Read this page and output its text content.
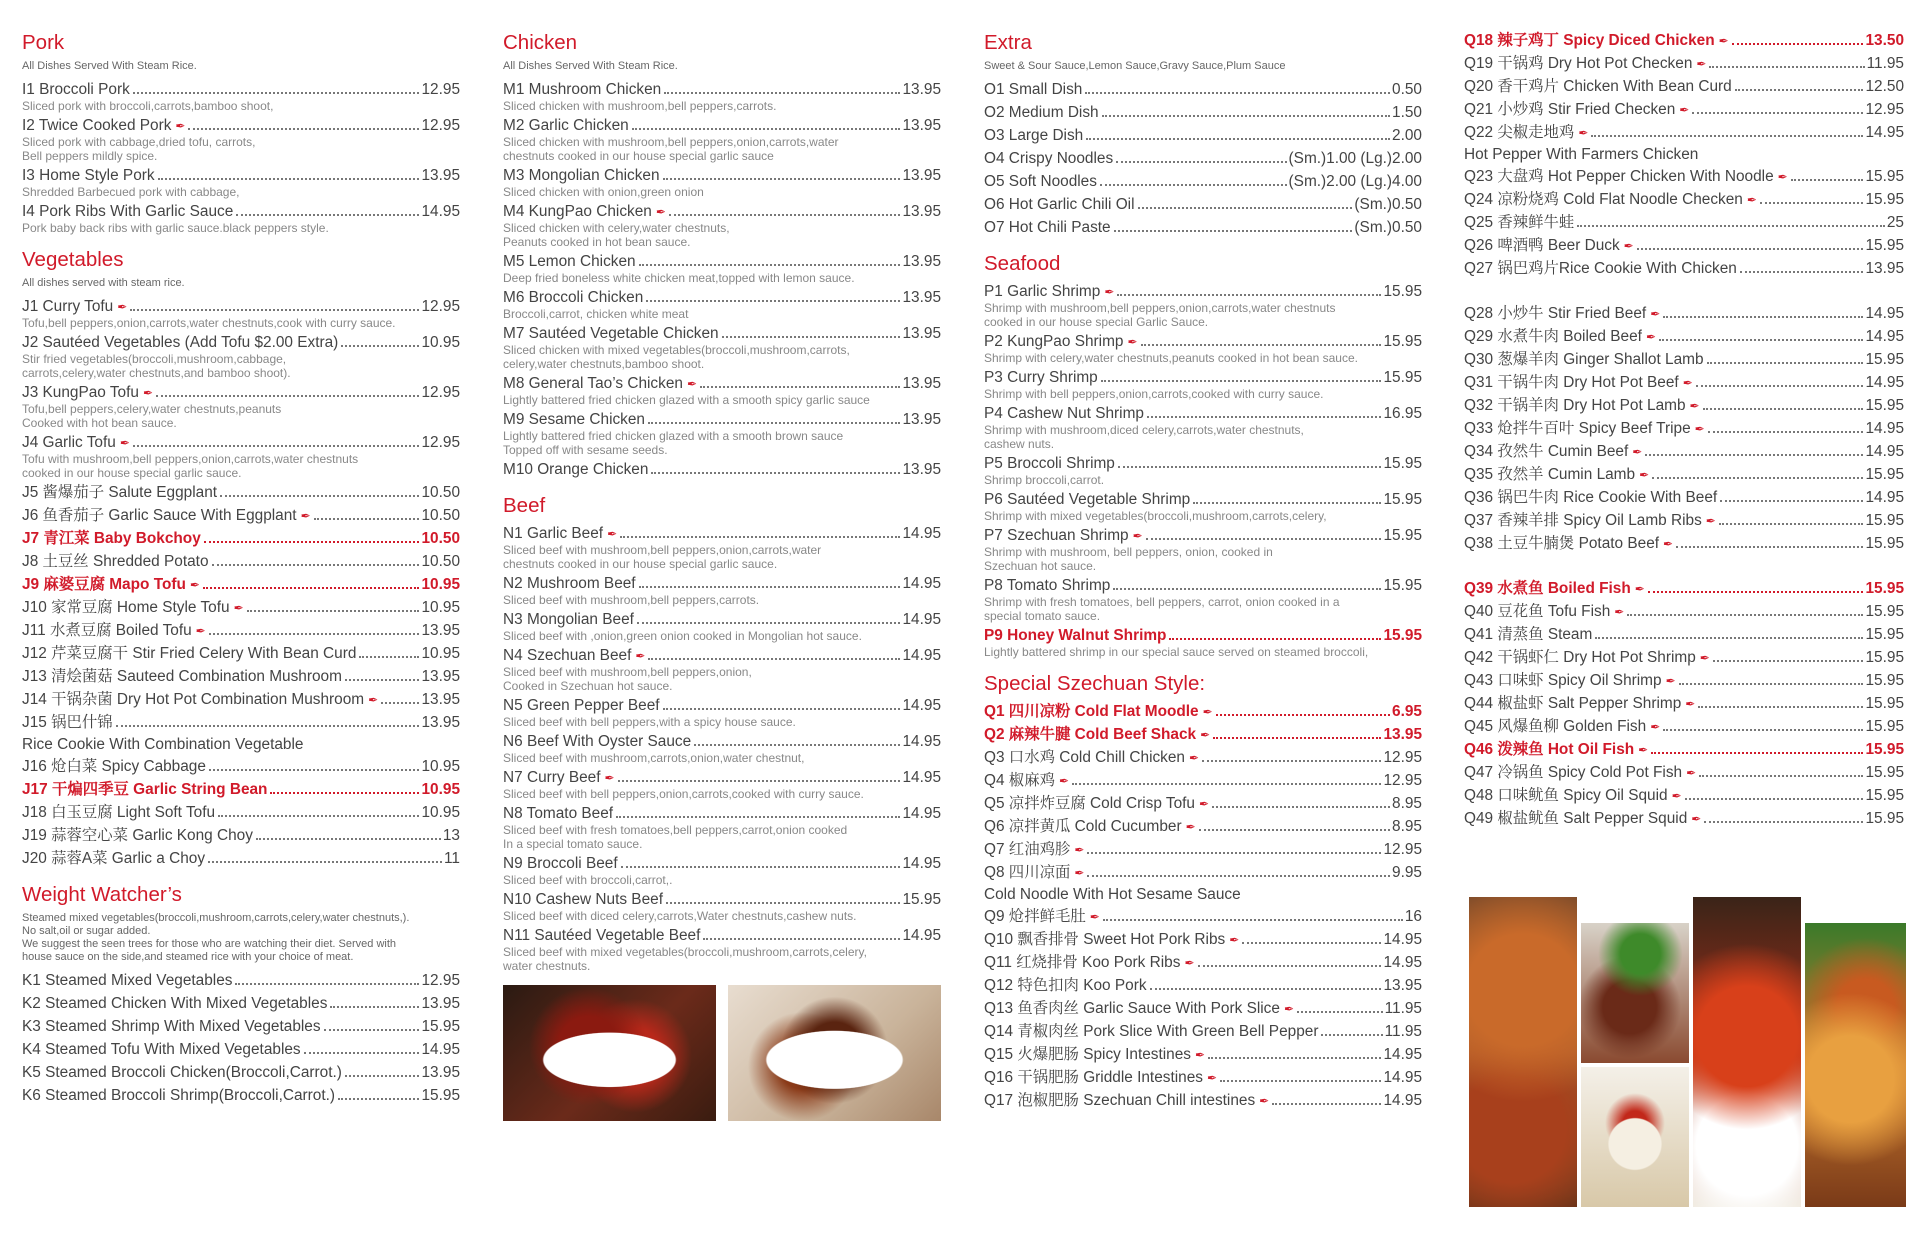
Pork
All Dishes Served With Steam Rice.
I1 Broccoli Pork	12.95
Sliced pork with broccoli,carrots,bamboo shoot,
I2 Twice Cooked Pork ✒	12.95
Sliced pork with cabbage,dried tofu, carrots,
Bell peppers mildly spice.
I3 Home Style Pork	13.95
Shredded Barbecued pork with cabbage,
I4 Pork Ribs With Garlic Sauce	14.95
Pork baby back ribs with garlic sauce.black peppers style.
Vegetables
All dishes served with steam rice.
J1 Curry Tofu ✒	12.95
Tofu,bell peppers,onion,carrots,water chestnuts,cook with curry sauce.
J2 Sautéed Vegetables (Add Tofu $2.00 Extra)	10.95
Stir fried vegetables(broccoli,mushroom,cabbage,
carrots,celery,water chestnuts,and bamboo shoot).
J3 KungPao Tofu ✒	12.95
Tofu,bell peppers,celery,water chestnuts,peanuts
Cooked with hot bean sauce.
J4 Garlic Tofu ✒	12.95
Tofu with mushroom,bell peppers,onion,carrots,water chestnuts
cooked in our house special garlic sauce.
J5 酱爆茄子 Salute Eggplant	10.50
J6 鱼香茄子 Garlic Sauce With Eggplant ✒	10.50
J7 青江菜 Baby Bokchoy	10.50
J8 土豆丝 Shredded Potato	10.50
J9 麻婆豆腐 Mapo Tofu ✒	10.95
J10 家常豆腐 Home Style Tofu ✒	10.95
J11 水煮豆腐 Boiled Tofu ✒	13.95
J12 芹菜豆腐干 Stir Fried Celery With Bean Curd	10.95
J13 清烩菌菇 Sauteed Combination Mushroom	13.95
J14 干锅杂菌 Dry Hot Pot Combination Mushroom ✒	13.95
J15 锅巴什锦	13.95
Rice Cookie With Combination Vegetable
J16 炝白菜 Spicy Cabbage	10.95
J17 干煸四季豆 Garlic String Bean	10.95
J18 白玉豆腐 Light Soft Tofu	10.95
J19 蒜蓉空心菜 Garlic Kong Choy	13
J20 蒜蓉A菜 Garlic a Choy	11
Weight Watcher’s
Steamed mixed vegetables(broccoli,mushroom,carrots,celery,water chestnuts,).
No salt,oil or sugar added.
We suggest the seen trees for those who are watching their diet. Served with
house sauce on the side,and steamed rice with your choice of meat.
K1 Steamed Mixed Vegetables	12.95
K2 Steamed Chicken With Mixed Vegetables	13.95
K3 Steamed Shrimp With Mixed Vegetables	15.95
K4 Steamed Tofu With Mixed Vegetables	14.95
K5 Steamed Broccoli Chicken(Broccoli,Carrot.)	13.95
K6 Steamed Broccoli Shrimp(Broccoli,Carrot.)	15.95
Chicken
All Dishes Served With Steam Rice.
M1 Mushroom Chicken	13.95
Sliced chicken with mushroom,bell peppers,carrots.
M2 Garlic Chicken	13.95
Sliced chicken with mushroom,bell peppers,onion,carrots,water
chestnuts cooked in our house special garlic sauce
M3 Mongolian Chicken	13.95
Sliced chicken with onion,green onion
M4 KungPao Chicken ✒	13.95
Sliced chicken with celery,water chestnuts,
Peanuts cooked in hot bean sauce.
M5 Lemon Chicken	13.95
Deep fried boneless white chicken meat,topped with lemon sauce.
M6 Broccoli Chicken	13.95
Broccoli,carrot, chicken white meat
M7 Sautéed Vegetable Chicken	13.95
Sliced chicken with mixed vegetables(broccoli,mushroom,carrots,
celery,water chestnuts,bamboo shoot.
M8 General Tao’s Chicken ✒	13.95
Lightly battered fried chicken glazed with a smooth spicy garlic sauce
M9 Sesame Chicken	13.95
Lightly battered fried chicken glazed with a smooth brown sauce
Topped off with sesame seeds.
M10 Orange Chicken	13.95
Beef
N1 Garlic Beef ✒	14.95
Sliced beef with mushroom,bell peppers,onion,carrots,water
chestnuts cooked in our house special garlic sauce.
N2 Mushroom Beef	14.95
Sliced beef with mushroom,bell peppers,carrots.
N3 Mongolian Beef	14.95
Sliced beef with ,onion,green onion cooked in Mongolian hot sauce.
N4 Szechuan Beef ✒	14.95
Sliced beef with mushroom,bell peppers,onion,
Cooked in Szechuan hot sauce.
N5 Green Pepper Beef	14.95
Sliced beef with bell peppers,with a spicy house sauce.
N6 Beef With Oyster Sauce	14.95
Sliced beef with mushroom,carrots,onion,water chestnut,
N7 Curry Beef ✒	14.95
Sliced beef with bell peppers,onion,carrots,cooked with curry sauce.
N8 Tomato Beef	14.95
Sliced beef with fresh tomatoes,bell peppers,carrot,onion cooked
In a special tomato sauce.
N9 Broccoli Beef	14.95
Sliced beef with broccoli,carrot,.
N10 Cashew Nuts Beef	15.95
Sliced beef with diced celery,carrots,Water chestnuts,cashew nuts.
N11 Sautéed Vegetable Beef	14.95
Sliced beef with mixed vegetables(broccoli,mushroom,carrots,celery,
water chestnuts.
Extra
Sweet & Sour Sauce,Lemon Sauce,Gravy Sauce,Plum Sauce
O1 Small Dish	0.50
O2 Medium Dish	1.50
O3 Large Dish	2.00
O4 Crispy Noodles	(Sm.)1.00 (Lg.)2.00
O5 Soft Noodles	(Sm.)2.00 (Lg.)4.00
O6 Hot Garlic Chili Oil	(Sm.)0.50
O7 Hot Chili Paste	(Sm.)0.50
Seafood
P1 Garlic Shrimp ✒	15.95
Shrimp with mushroom,bell peppers,onion,carrots,water chestnuts
cooked in our house special Garlic Sauce.
P2 KungPao Shrimp ✒	15.95
Shrimp with celery,water chestnuts,peanuts cooked in hot bean sauce.
P3 Curry Shrimp	15.95
Shrimp with bell peppers,onion,carrots,cooked with curry sauce.
P4 Cashew Nut Shrimp	16.95
Shrimp with mushroom,diced celery,carrots,water chestnuts,
cashew nuts.
P5 Broccoli Shrimp	15.95
Shrimp broccoli,carrot.
P6 Sautéed Vegetable Shrimp	15.95
Shrimp with mixed vegetables(broccoli,mushroom,carrots,celery,
P7 Szechuan Shrimp ✒	15.95
Shrimp with mushroom, bell peppers, onion, cooked in
Szechuan hot sauce.
P8 Tomato Shrimp	15.95
Shrimp with fresh tomatoes, bell peppers, carrot, onion cooked in a
special tomato sauce.
P9 Honey Walnut Shrimp	15.95
Lightly battered shrimp in our special sauce served on steamed broccoli,
Special Szechuan Style:
Q1 四川凉粉 Cold Flat Moodle ✒	6.95
Q2 麻辣牛腱 Cold Beef Shack ✒	13.95
Q3 口水鸡 Cold Chill Chicken ✒	12.95
Q4 椒麻鸡 ✒	12.95
Q5 凉拌炸豆腐 Cold Crisp Tofu ✒	8.95
Q6 凉拌黄瓜 Cold Cucumber ✒	8.95
Q7 红油鸡胗 ✒	12.95
Q8 四川凉面 ✒	9.95
Cold Noodle With Hot Sesame Sauce
Q9 炝拌鲜毛肚 ✒	16
Q10 飘香排骨 Sweet Hot Pork Ribs ✒	14.95
Q11 红烧排骨 Koo Pork Ribs ✒	14.95
Q12 特色扣肉 Koo Pork	13.95
Q13 鱼香肉丝 Garlic Sauce With Pork Slice ✒	11.95
Q14 青椒肉丝 Pork Slice With Green Bell Pepper	11.95
Q15 火爆肥肠 Spicy Intestines ✒	14.95
Q16 干锅肥肠 Griddle Intestines ✒	14.95
Q17 泡椒肥肠 Szechuan Chill intestines ✒	14.95
Q18 辣子鸡丁 Spicy Diced Chicken ✒	13.50
Q19 干锅鸡 Dry Hot Pot Checken ✒	11.95
Q20 香干鸡片 Chicken With Bean Curd	12.50
Q21 小炒鸡 Stir Fried Checken ✒	12.95
Q22 尖椒走地鸡 ✒	14.95
Hot Pepper With Farmers Chicken
Q23 大盘鸡 Hot Pepper Chicken With Noodle ✒	15.95
Q24 凉粉烧鸡 Cold Flat Noodle Checken ✒	15.95
Q25 香辣鲜牛蛙	25
Q26 啤酒鸭 Beer Duck ✒	15.95
Q27 锅巴鸡片Rice Cookie With Chicken	13.95
Q28 小炒牛 Stir Fried Beef ✒	14.95
Q29 水煮牛肉 Boiled Beef ✒	14.95
Q30 葱爆羊肉 Ginger Shallot Lamb	15.95
Q31 干锅牛肉 Dry Hot Pot Beef ✒	14.95
Q32 干锅羊肉 Dry Hot Pot Lamb ✒	15.95
Q33 炝拌牛百叶 Spicy Beef Tripe ✒	14.95
Q34 孜然牛 Cumin Beef ✒	14.95
Q35 孜然羊 Cumin Lamb ✒	15.95
Q36 锅巴牛肉 Rice Cookie With Beef	14.95
Q37 香辣羊排 Spicy Oil Lamb Ribs ✒	15.95
Q38 土豆牛腩煲 Potato Beef ✒	15.95
Q39 水煮鱼 Boiled Fish ✒	15.95
Q40 豆花鱼 Tofu Fish ✒	15.95
Q41 清蒸鱼 Steam	15.95
Q42 干锅虾仁 Dry Hot Pot Shrimp ✒	15.95
Q43 口味虾 Spicy Oil Shrimp ✒	15.95
Q44 椒盐虾 Salt Pepper Shrimp ✒	15.95
Q45 风爆鱼柳 Golden Fish ✒	15.95
Q46 泼辣鱼 Hot Oil Fish ✒	15.95
Q47 冷锅鱼 Spicy Cold Pot Fish ✒	15.95
Q48 口味鱿鱼 Spicy Oil Squid ✒	15.95
Q49 椒盐鱿鱼 Salt Pepper Squid ✒	15.95
